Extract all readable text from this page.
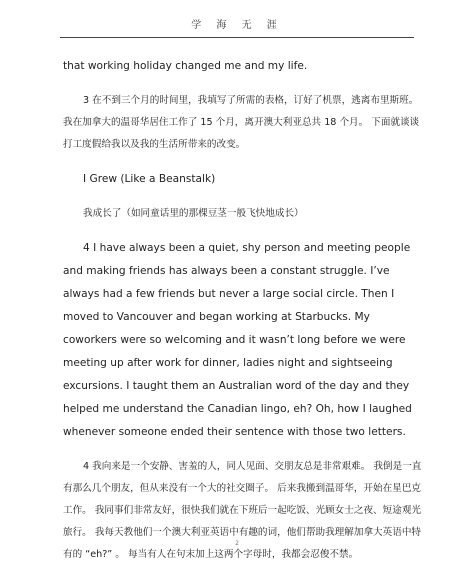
学 海 无 涯

that working holiday changed me and my life.

3 在不到三个月的时间里，我填写了所需的表格，订好了机票，逃离布里斯班。 我在加拿大的温哥华居住工作了 15 个月，离开澳大利亚总共 18 个月。 下面就谈谈打工度假给我以及我的生活所带来的改变。

I Grew (Like a Beanstalk)

我成长了（如同童话里的那棵豆茎一般飞快地成长）

4 I have always been a quiet, shy person and meeting people and making friends has always been a constant struggle. I’ve always had a few friends but never a large social circle. Then I moved to Vancouver and began working at Starbucks. My coworkers were so welcoming and it wasn’t long before we were meeting up after work for dinner, ladies night and sightseeing excursions. I taught them an Australian word of the day and they helped me understand the Canadian lingo, eh? Oh, how I laughed whenever someone ended their sentence with those two letters.

4 我向来是一个安静、害羞的人，同人见面、交朋友总是非常艰难。 我倒是一直有那么几个朋友，但从来没有一个大的社交圈子。 后来我搬到温哥华，开始在星巴克工作。 我同事们非常友好，很快我们就在下班后一起吃饭、光顾女士之夜、短途观光旅行。 我每天教他们一个澳大利亚英语中有趣的词，他们帮助我理解加拿大英语中特有的 “eh?” 。 每当有人在句末加上这两个字母时，我都会忍俊不禁。

2
